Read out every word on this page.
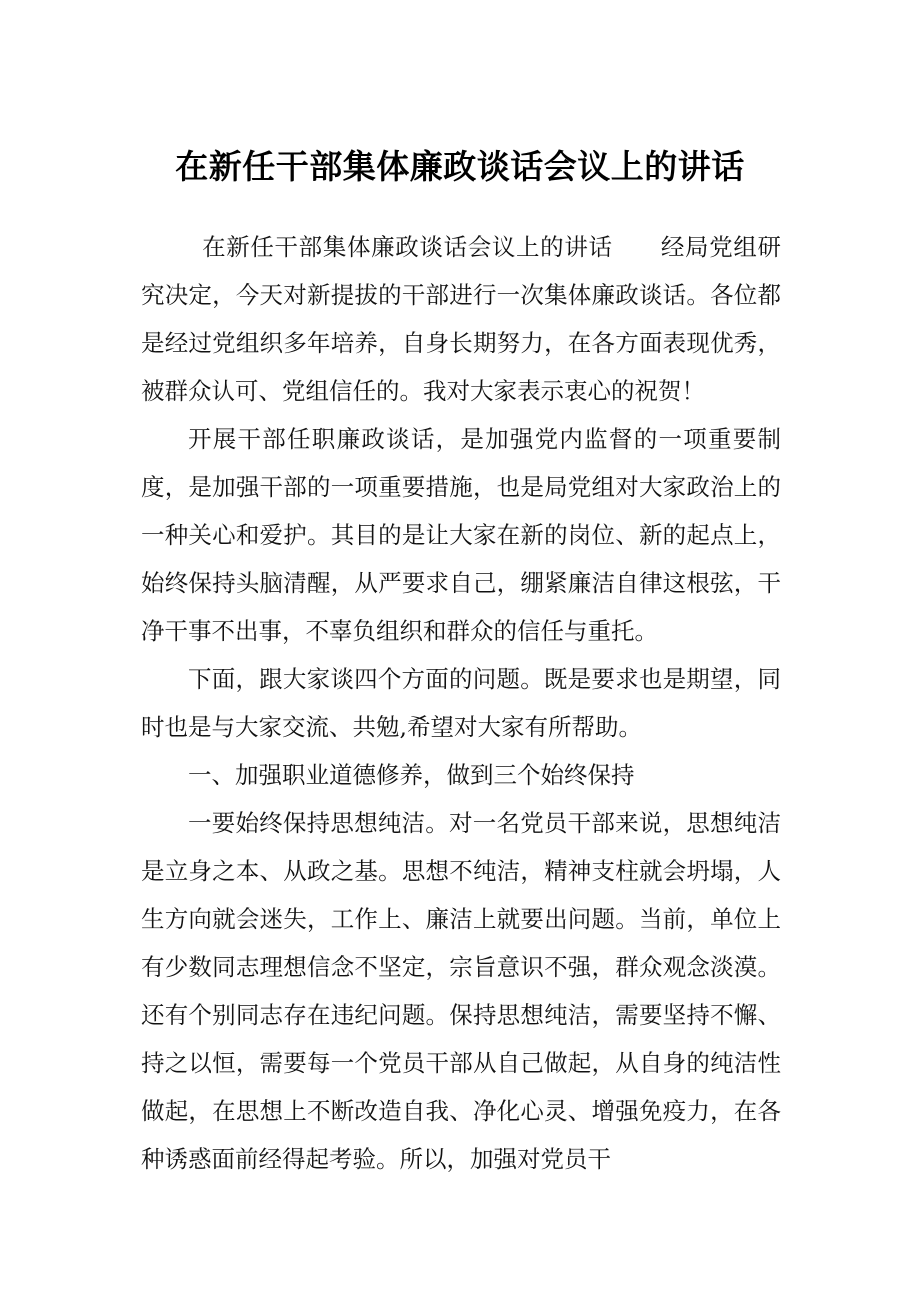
在新任干部集体廉政谈话会议上的讲话

在新任干部集体廉政谈话会议上的讲话　　经局党组研究决定，今天对新提拔的干部进行一次集体廉政谈话。各位都是经过党组织多年培养，自身长期努力，在各方面表现优秀，被群众认可、党组信任的。我对大家表示衷心的祝贺！

开展干部任职廉政谈话，是加强党内监督的一项重要制度，是加强干部的一项重要措施，也是局党组对大家政治上的一种关心和爱护。其目的是让大家在新的岗位、新的起点上，始终保持头脑清醒，从严要求自己，绷紧廉洁自律这根弦，干净干事不出事，不辜负组织和群众的信任与重托。

下面，跟大家谈四个方面的问题。既是要求也是期望，同时也是与大家交流、共勉,希望对大家有所帮助。

一、加强职业道德修养，做到三个始终保持

一要始终保持思想纯洁。对一名党员干部来说，思想纯洁是立身之本、从政之基。思想不纯洁，精神支柱就会坍塌，人生方向就会迷失，工作上、廉洁上就要出问题。当前，单位上有少数同志理想信念不坚定，宗旨意识不强，群众观念淡漠。还有个别同志存在违纪问题。保持思想纯洁，需要坚持不懈、持之以恒，需要每一个党员干部从自己做起，从自身的纯洁性做起，在思想上不断改造自我、净化心灵、增强免疫力，在各种诱惑面前经得起考验。所以，加强对党员干
